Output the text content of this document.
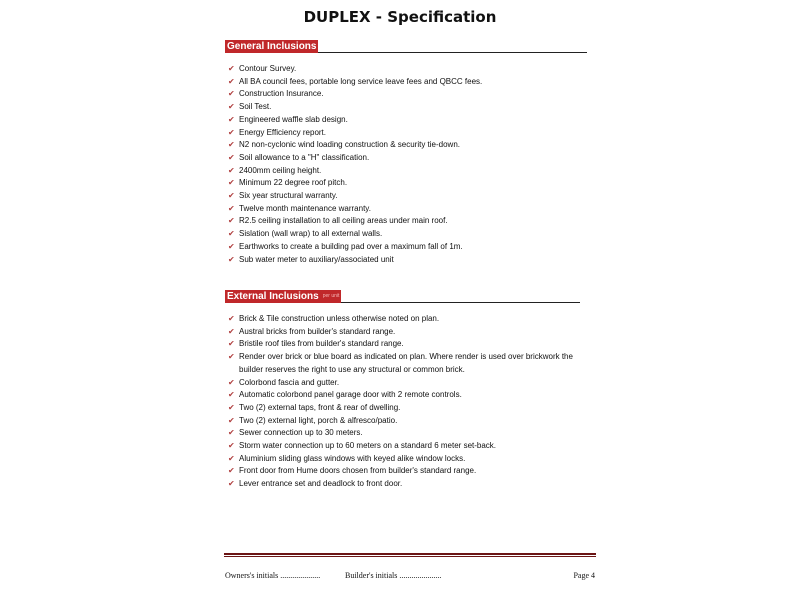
DUPLEX - Specification
General Inclusions
✔ Contour Survey.
✔ All BA council fees, portable long service leave fees and QBCC fees.
✔ Construction Insurance.
✔ Soil Test.
✔ Engineered waffle slab design.
✔ Energy Efficiency report.
✔ N2 non-cyclonic wind loading construction & security tie-down.
✔ Soil allowance to a "H" classification.
✔ 2400mm ceiling height.
✔ Minimum 22 degree roof pitch.
✔ Six year structural warranty.
✔ Twelve month maintenance warranty.
✔ R2.5 ceiling installation to all ceiling areas under main roof.
✔ Sislation (wall wrap) to all external walls.
✔ Earthworks to create a building pad over a maximum fall of 1m.
✔ Sub water meter to auxiliary/associated unit
External Inclusions per unit
✔ Brick & Tile construction unless otherwise noted on plan.
✔ Austral bricks from builder's standard range.
✔ Bristile roof tiles from builder's standard range.
✔ Render over brick or blue board as indicated on plan. Where render is used over brickwork the builder reserves the right to use any structural or common brick.
✔ Colorbond fascia and gutter.
✔ Automatic colorbond panel garage door with 2 remote controls.
✔ Two (2) external taps, front & rear of dwelling.
✔ Two (2) external light, porch & alfresco/patio.
✔ Sewer connection up to 30 meters.
✔ Storm water connection up to 60 meters on a standard 6 meter set-back.
✔ Aluminium sliding glass windows with keyed alike window locks.
✔ Front door from Hume doors chosen from builder's standard range.
✔ Lever entrance set and deadlock to front door.
Owners's initials ....................	Builder's initials .....................	Page 4
